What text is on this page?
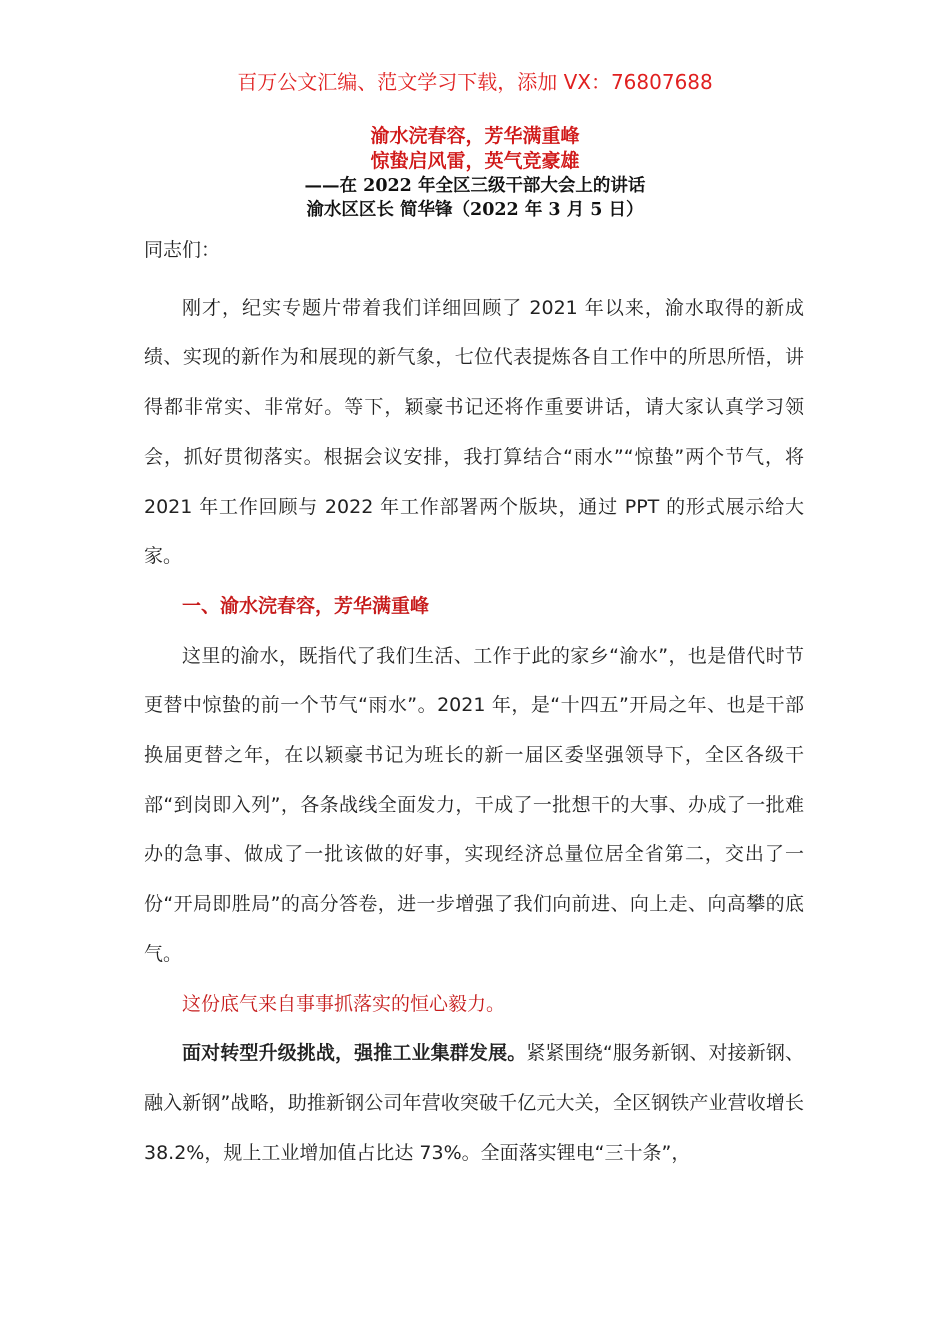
百万公文汇编、范文学习下载，添加 VX：76807688
渝水浣春容，芳华满重峰
惊蛰启风雷，英气竞豪雄
——在 2022 年全区三级干部大会上的讲话
渝水区区长 简华锋（2022 年 3 月 5 日）

同志们：

刚才，纪实专题片带着我们详细回顾了 2021 年以来，渝水取得的新成绩、实现的新作为和展现的新气象，七位代表提炼各自工作中的所思所悟，讲得都非常实、非常好。等下，颖豪书记还将作重要讲话，请大家认真学习领会，抓好贯彻落实。根据会议安排，我打算结合“雨水”“惊蛰”两个节气，将 2021 年工作回顾与 2022 年工作部署两个版块，通过 PPT 的形式展示给大家。

一、渝水浣春容，芳华满重峰

这里的渝水，既指代了我们生活、工作于此的家乡“渝水”，也是借代时节更替中惊蛰的前一个节气“雨水”。2021 年，是“十四五”开局之年、也是干部换届更替之年，在以颖豪书记为班长的新一届区委坚强领导下，全区各级干部“到岗即入列”，各条战线全面发力，干成了一批想干的大事、办成了一批难办的急事、做成了一批该做的好事，实现经济总量位居全省第二，交出了一份“开局即胜局”的高分答卷，进一步增强了我们向前进、向上走、向高攀的底气。

这份底气来自事事抓落实的恒心毅力。

面对转型升级挑战，强推工业集群发展。紧紧围绕“服务新钢、对接新钢、融入新钢”战略，助推新钢公司年营收突破千亿元大关，全区钢铁产业营收增长 38.2%，规上工业增加值占比达 73%。全面落实锂电“三十条”，
